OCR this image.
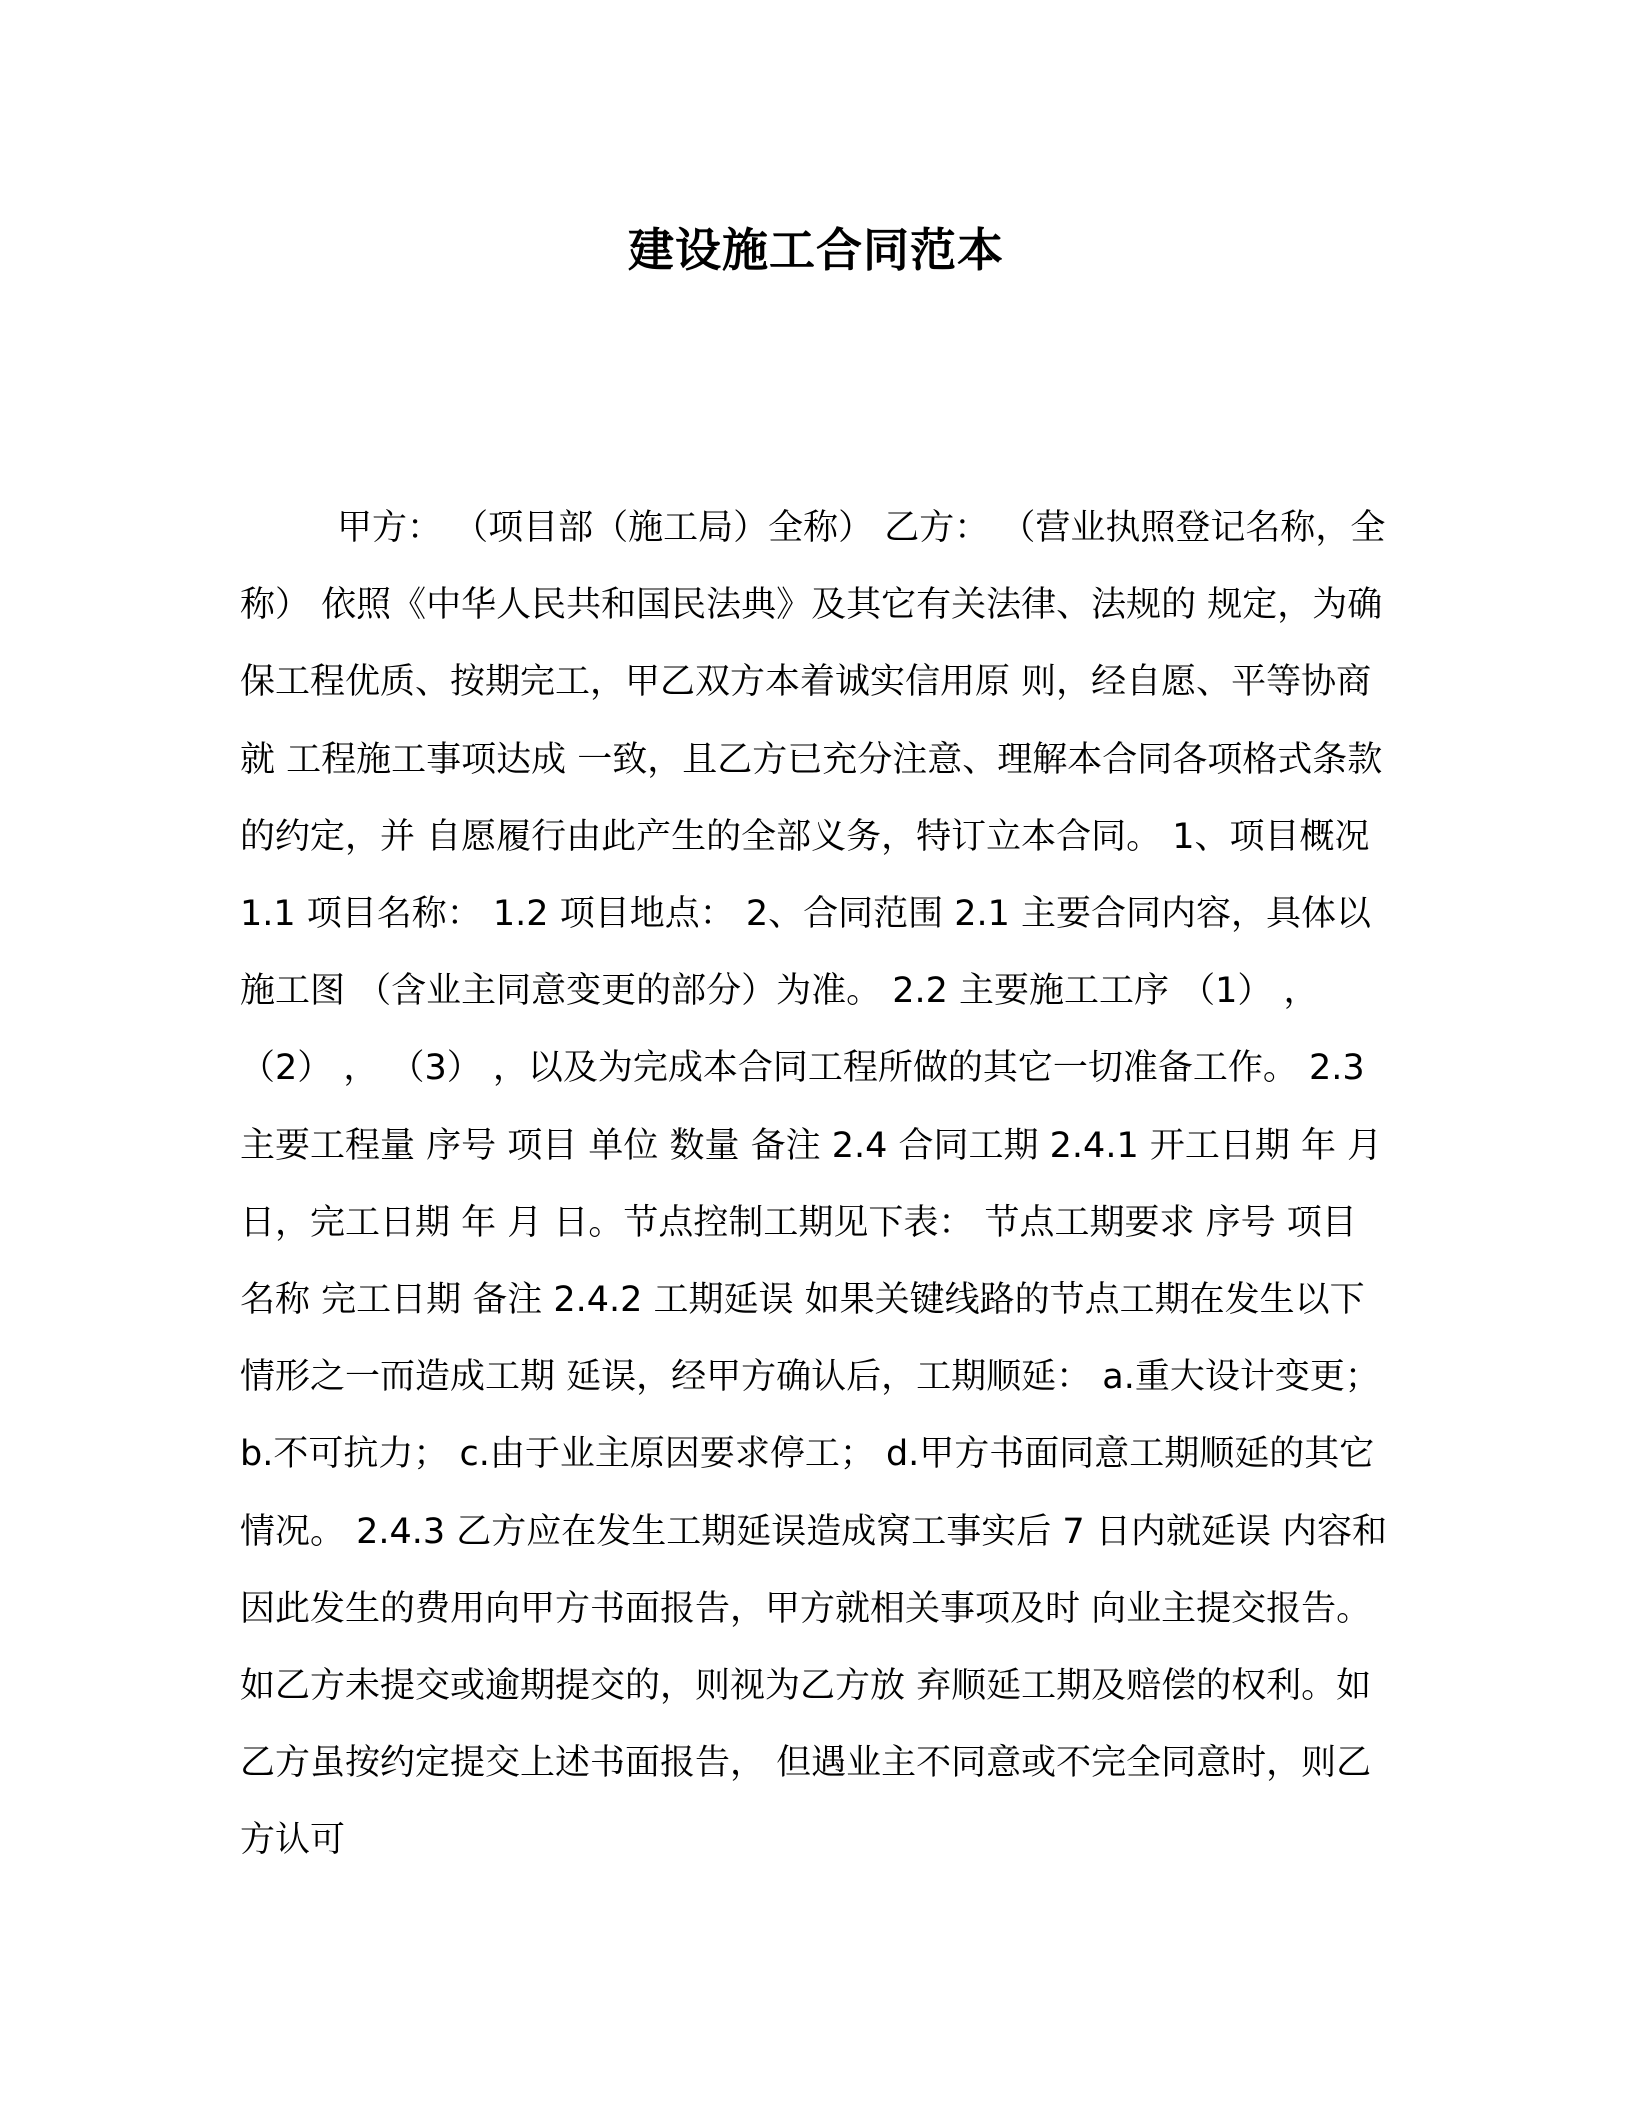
建设施工合同范本

甲方： （项目部（施工局）全称） 乙方： （营业执照登记名称，全称） 依照《中华人民共和国民法典》及其它有关法律、法规的 规定，为确保工程优质、按期完工，甲乙双方本着诚实信用原 则，经自愿、平等协商就 工程施工事项达成 一致，且乙方已充分注意、理解本合同各项格式条款的约定，并 自愿履行由此产生的全部义务，特订立本合同。 1、项目概况 1.1 项目名称： 1.2 项目地点： 2、合同范围 2.1 主要合同内容，具体以施工图 （含业主同意变更的部分）为准。 2.2 主要施工工序 （1） ， （2） ， （3） ，以及为完成本合同工程所做的其它一切准备工作。 2.3 主要工程量 序号 项目 单位 数量 备注 2.4 合同工期 2.4.1 开工日期 年 月 日，完工日期 年 月 日。节点控制工期见下表： 节点工期要求 序号 项目名称 完工日期 备注 2.4.2 工期延误 如果关键线路的节点工期在发生以下情形之一而造成工期 延误，经甲方确认后，工期顺延： a.重大设计变更； b.不可抗力； c.由于业主原因要求停工； d.甲方书面同意工期顺延的其它情况。 2.4.3 乙方应在发生工期延误造成窝工事实后 7 日内就延误 内容和因此发生的费用向甲方书面报告，甲方就相关事项及时 向业主提交报告。如乙方未提交或逾期提交的，则视为乙方放 弃顺延工期及赔偿的权利。如乙方虽按约定提交上述书面报告， 但遇业主不同意或不完全同意时，则乙方认可
